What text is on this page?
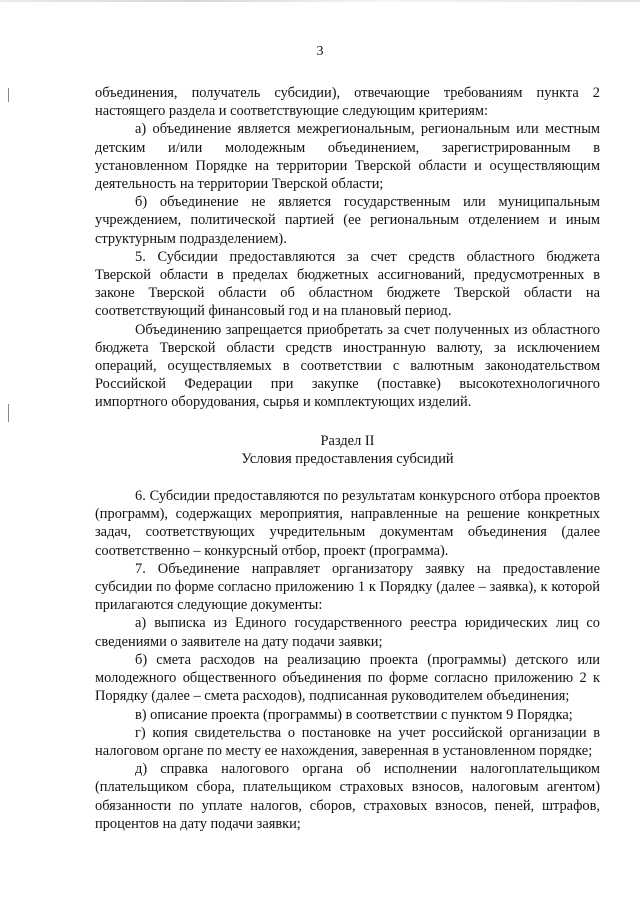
3

объединения, получатель субсидии), отвечающие требованиям пункта 2 настоящего раздела и соответствующие следующим критериям:

а) объединение является межрегиональным, региональным или местным детским и/или молодежным объединением, зарегистрированным в установленном Порядке на территории Тверской области и осуществляющим деятельность на территории Тверской области;

б) объединение не является государственным или муниципальным учреждением, политической партией (ее региональным отделением и иным структурным подразделением).

5. Субсидии предоставляются за счет средств областного бюджета Тверской области в пределах бюджетных ассигнований, предусмотренных в законе Тверской области об областном бюджете Тверской области на соответствующий финансовый год и на плановый период.

Объединению запрещается приобретать за счет полученных из областного бюджета Тверской области средств иностранную валюту, за исключением операций, осуществляемых в соответствии с валютным законодательством Российской Федерации при закупке (поставке) высокотехнологичного импортного оборудования, сырья и комплектующих изделий.

Раздел II

Условия предоставления субсидий

6. Субсидии предоставляются по результатам конкурсного отбора проектов (программ), содержащих мероприятия, направленные на решение конкретных задач, соответствующих учредительным документам объединения (далее соответственно – конкурсный отбор, проект (программа).

7. Объединение направляет организатору заявку на предоставление субсидии по форме согласно приложению 1 к Порядку (далее – заявка), к которой прилагаются следующие документы:

а) выписка из Единого государственного реестра юридических лиц со сведениями о заявителе на дату подачи заявки;

б) смета расходов на реализацию проекта (программы) детского или молодежного общественного объединения по форме согласно приложению 2 к Порядку (далее – смета расходов), подписанная руководителем объединения;

в) описание проекта (программы) в соответствии с пунктом 9 Порядка;

г) копия свидетельства о постановке на учет российской организации в налоговом органе по месту ее нахождения, заверенная в установленном порядке;

д) справка налогового органа об исполнении налогоплательщиком (плательщиком сбора, плательщиком страховых взносов, налоговым агентом) обязанности по уплате налогов, сборов, страховых взносов, пеней, штрафов, процентов на дату подачи заявки;
